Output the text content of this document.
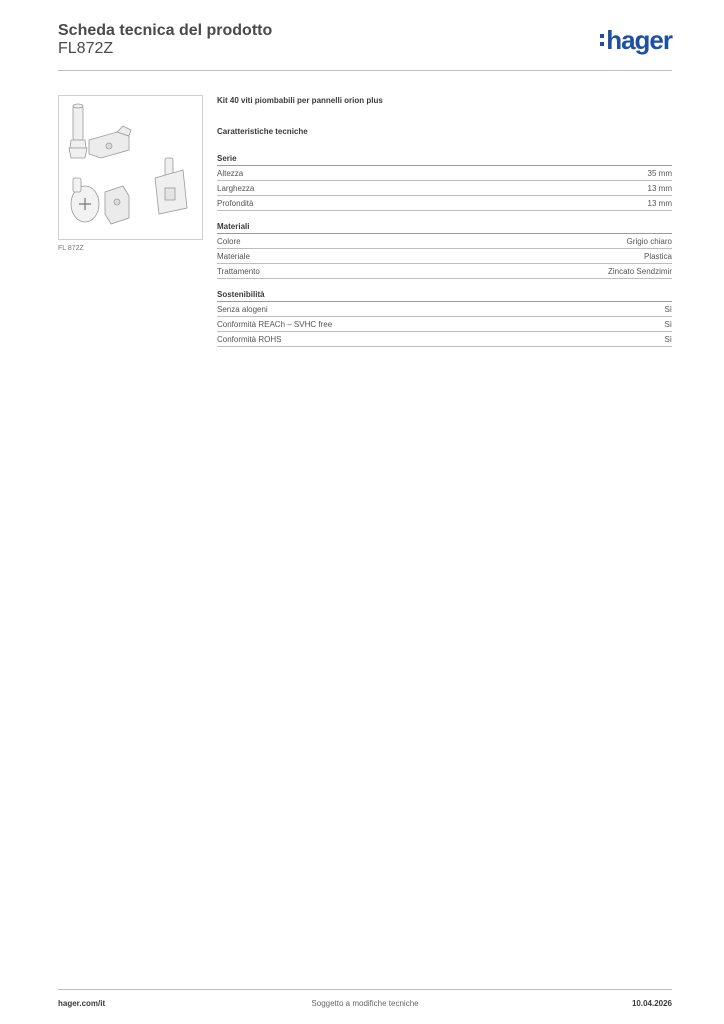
Scheda tecnica del prodotto
FL872Z	hager
FL 872Z
Kit 40 viti piombabili per pannelli orion plus
Caratteristiche tecniche
Serie
Altezza	35 mm
Larghezza	13 mm
Profondità	13 mm
Materiali
Colore	Grigio chiaro
Materiale	Plastica
Trattamento	Zincato Sendzimir
Sostenibilità
Senza alogeni	Sì
Conformità REACh – SVHC free	Sì
Conformità ROHS	Sì
hager.com/it	Soggetto a modifiche tecniche	10.04.2026
